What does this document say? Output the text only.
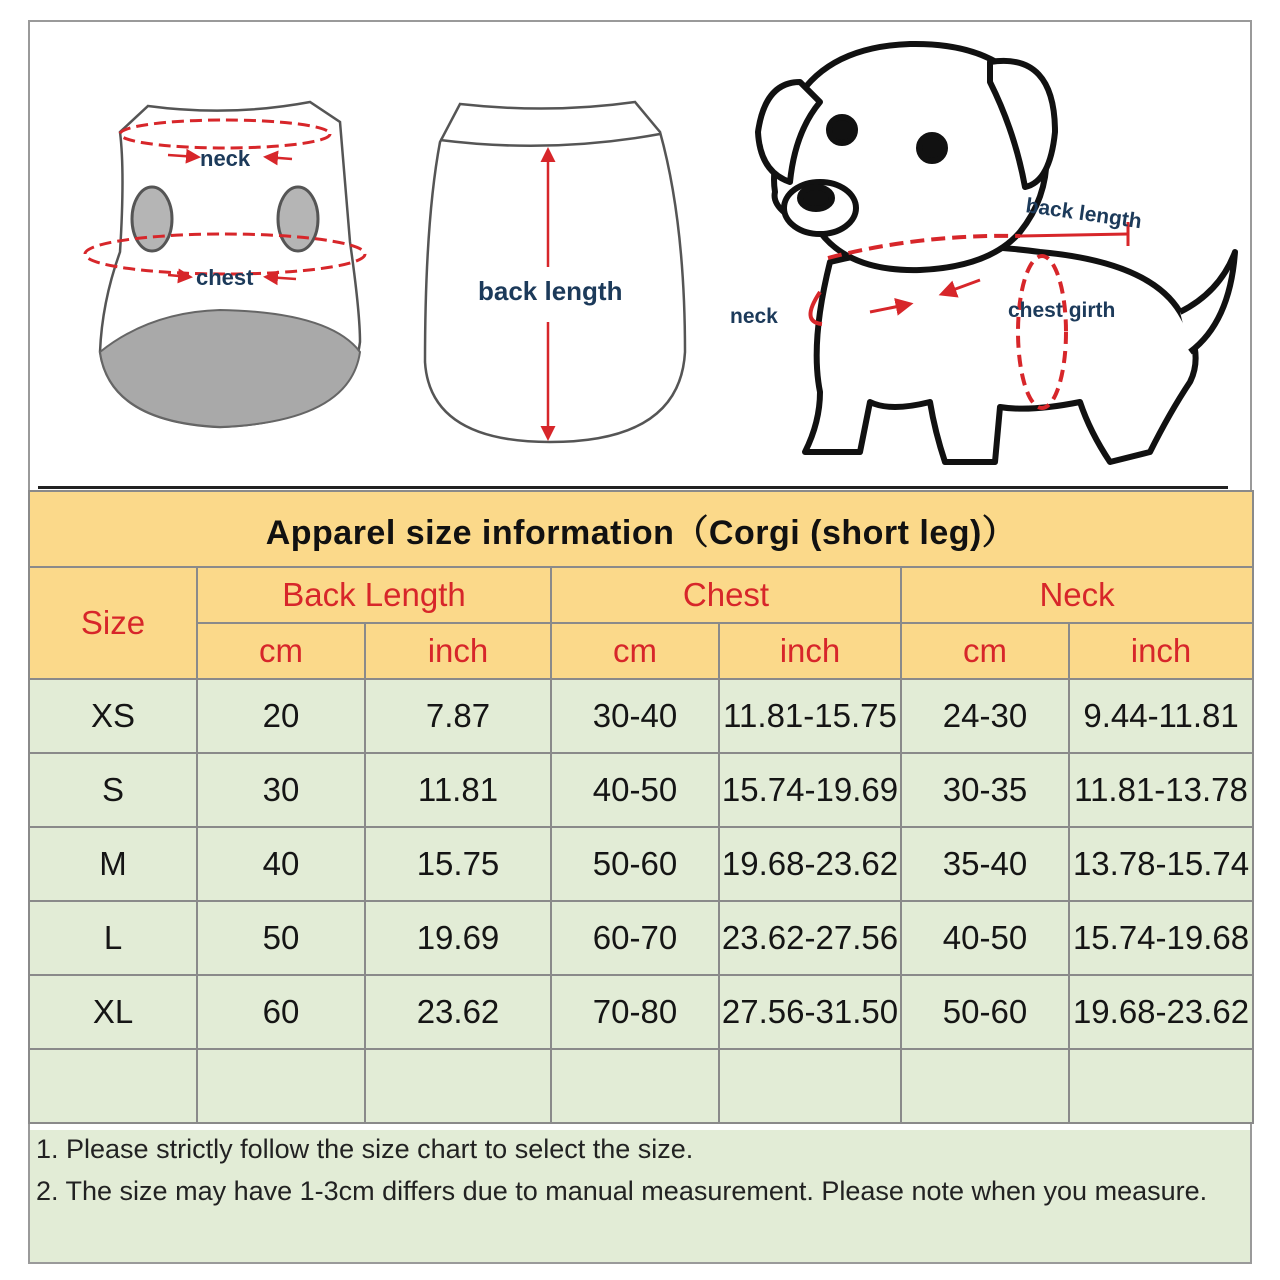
neck
chest	back length
back length
neck	chest girth
Apparel size information（Corgi (short leg)）						
Size	Back Length		Chest		Neck	
	cm	inch	cm	inch	cm	inch
XS	20	7.87	30-40	11.81-15.75	24-30	9.44-11.81
S	30	11.81	40-50	15.74-19.69	30-35	11.81-13.78
M	40	15.75	50-60	19.68-23.62	35-40	13.78-15.74
L	50	19.69	60-70	23.62-27.56	40-50	15.74-19.68
XL	60	23.62	70-80	27.56-31.50	50-60	19.68-23.62

1. Please strictly follow the size chart to select the size.
2. The size may have 1-3cm differs due to manual measurement. Please note when you measure.
